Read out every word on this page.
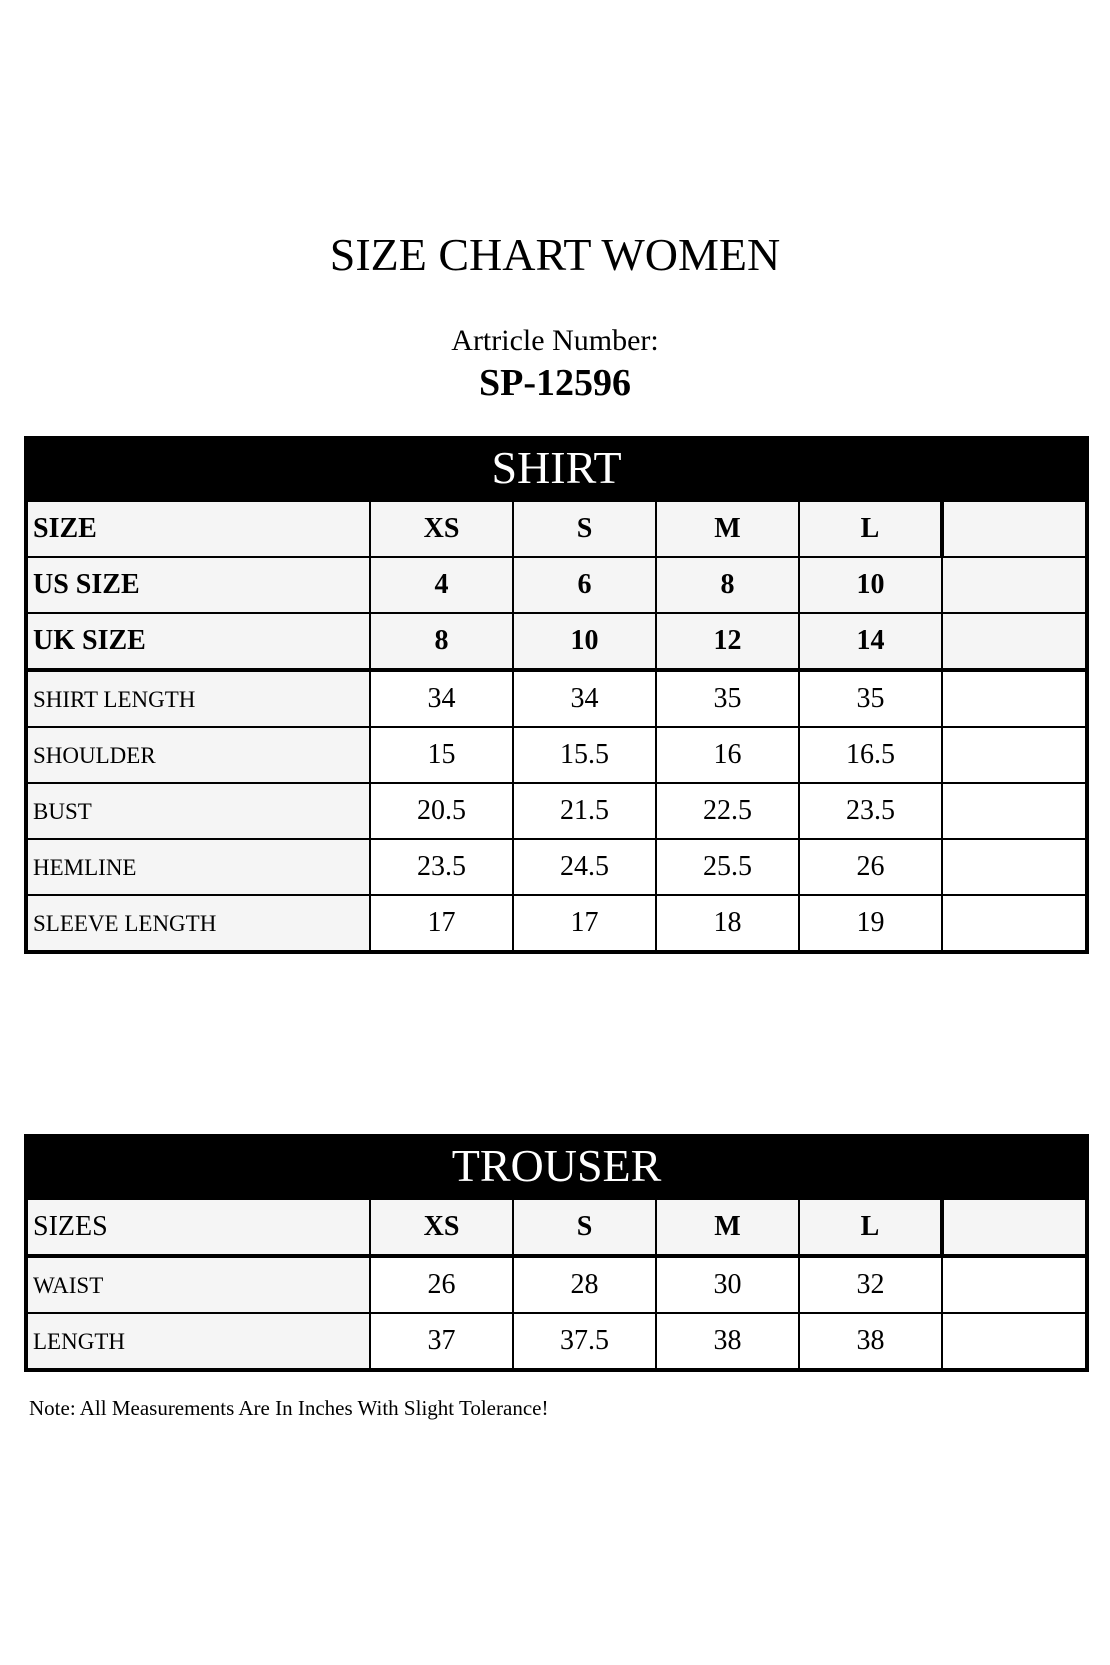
SIZE CHART WOMEN
Artricle Number:
SP-12596
SHIRT					
SIZE	XS	S	M	L	
US SIZE	4	6	8	10	
UK SIZE	8	10	12	14	
SHIRT LENGTH	34	34	35	35	
SHOULDER	15	15.5	16	16.5	
BUST	20.5	21.5	22.5	23.5	
HEMLINE	23.5	24.5	25.5	26	
SLEEVE LENGTH	17	17	18	19	
TROUSER					
SIZES	XS	S	M	L	
WAIST	26	28	30	32	
LENGTH	37	37.5	38	38	
Note: All Measurements Are In Inches With Slight Tolerance!
